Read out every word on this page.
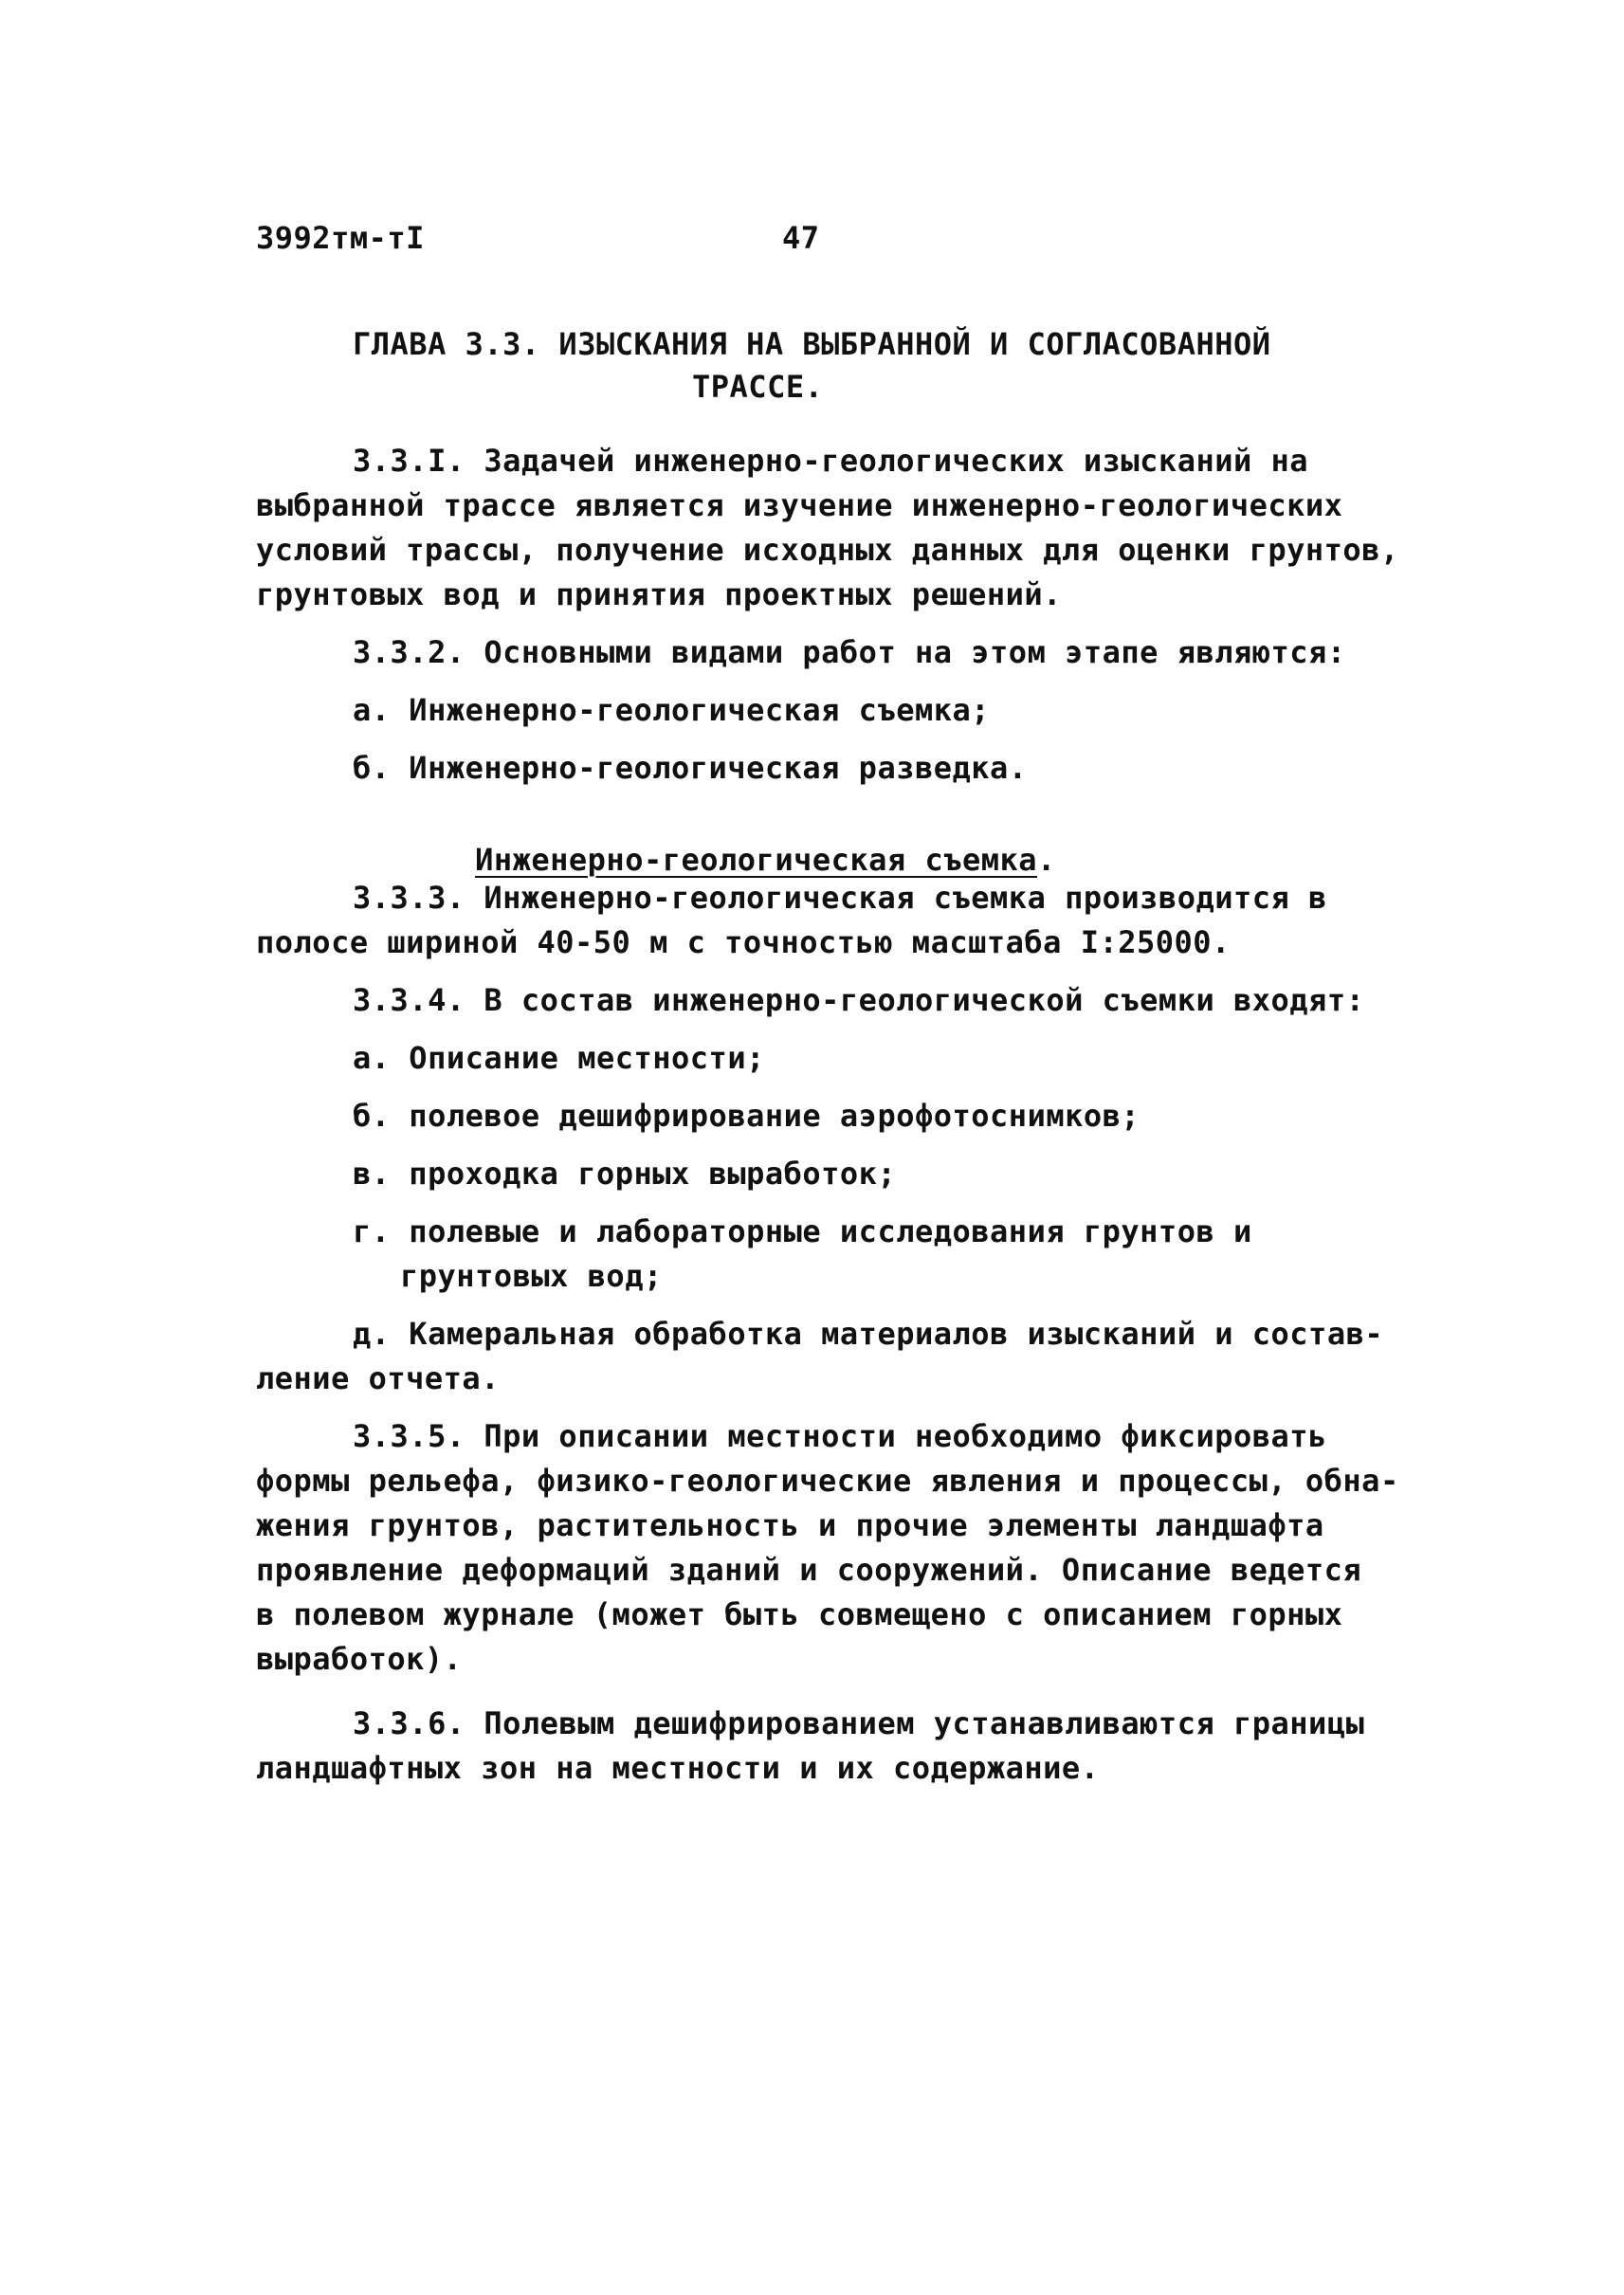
3992тм-тI	47
ГЛАВА 3.3. ИЗЫСКАНИЯ НА ВЫБРАННОЙ И СОГЛАСОВАННОЙ
ТРАССЕ.
3.3.I. Задачей инженерно-геологических изысканий на
выбранной трассе является изучение инженерно-геологических
условий трассы, получение исходных данных для оценки грунтов,
грунтовых вод и принятия проектных решений.
3.3.2. Основными видами работ на этом этапе являются:
а. Инженерно-геологическая съемка;
б. Инженерно-геологическая разведка.

Инженерно-геологическая съемка.

3.3.3. Инженерно-геологическая съемка производится в
полосе шириной 40-50 м с точностью масштаба I:25000.
3.3.4. В состав инженерно-геологической съемки входят:
а. Описание местности;
б. полевое дешифрирование аэрофотоснимков;
в. проходка горных выработок;
г. полевые и лабораторные исследования грунтов и
грунтовых вод;
д. Камеральная обработка материалов изысканий и состав-
ление отчета.
3.3.5. При описании местности необходимо фиксировать
формы рельефа, физико-геологические явления и процессы, обна-
жения грунтов, растительность и прочие элементы ландшафта
проявление деформаций зданий и сооружений. Описание ведется
в полевом журнале (может быть совмещено с описанием горных
выработок).
3.3.6. Полевым дешифрированием устанавливаются границы
ландшафтных зон на местности и их содержание.
